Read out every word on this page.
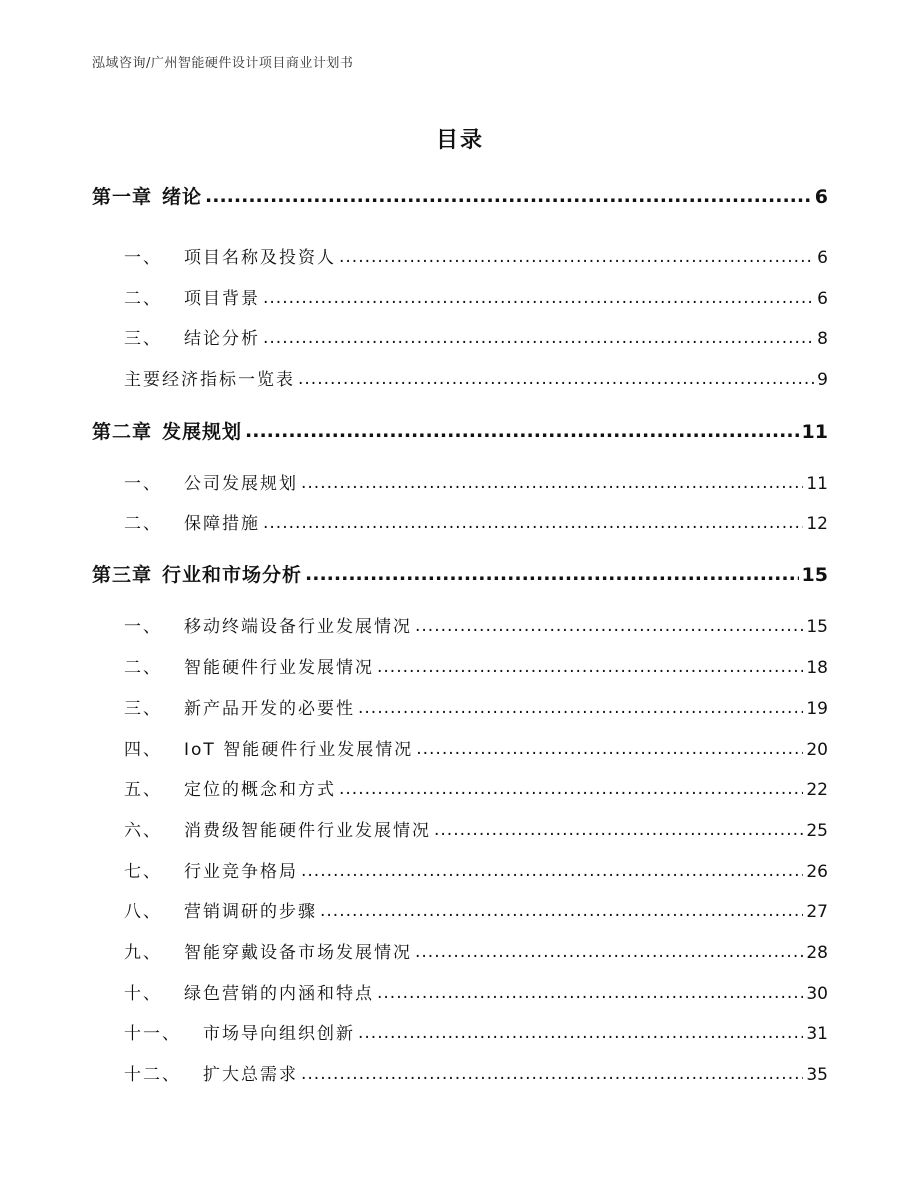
泓域咨询/广州智能硬件设计项目商业计划书
目录
第一章 绪论 .....	6
一、 项目名称及投资人 .....	6
二、 项目背景 .....	6
三、 结论分析 .....	8
主要经济指标一览表 .....	9
第二章 发展规划 .....	11
一、 公司发展规划 .....	11
二、 保障措施 .....	12
第三章 行业和市场分析 .....	15
一、 移动终端设备行业发展情况 .....	15
二、 智能硬件行业发展情况 .....	18
三、 新产品开发的必要性 .....	19
四、 IoT 智能硬件行业发展情况 .....	20
五、 定位的概念和方式 .....	22
六、 消费级智能硬件行业发展情况 .....	25
七、 行业竞争格局 .....	26
八、 营销调研的步骤 .....	27
九、 智能穿戴设备市场发展情况 .....	28
十、 绿色营销的内涵和特点 .....	30
十一、 市场导向组织创新 .....	31
十二、 扩大总需求 .....	35
